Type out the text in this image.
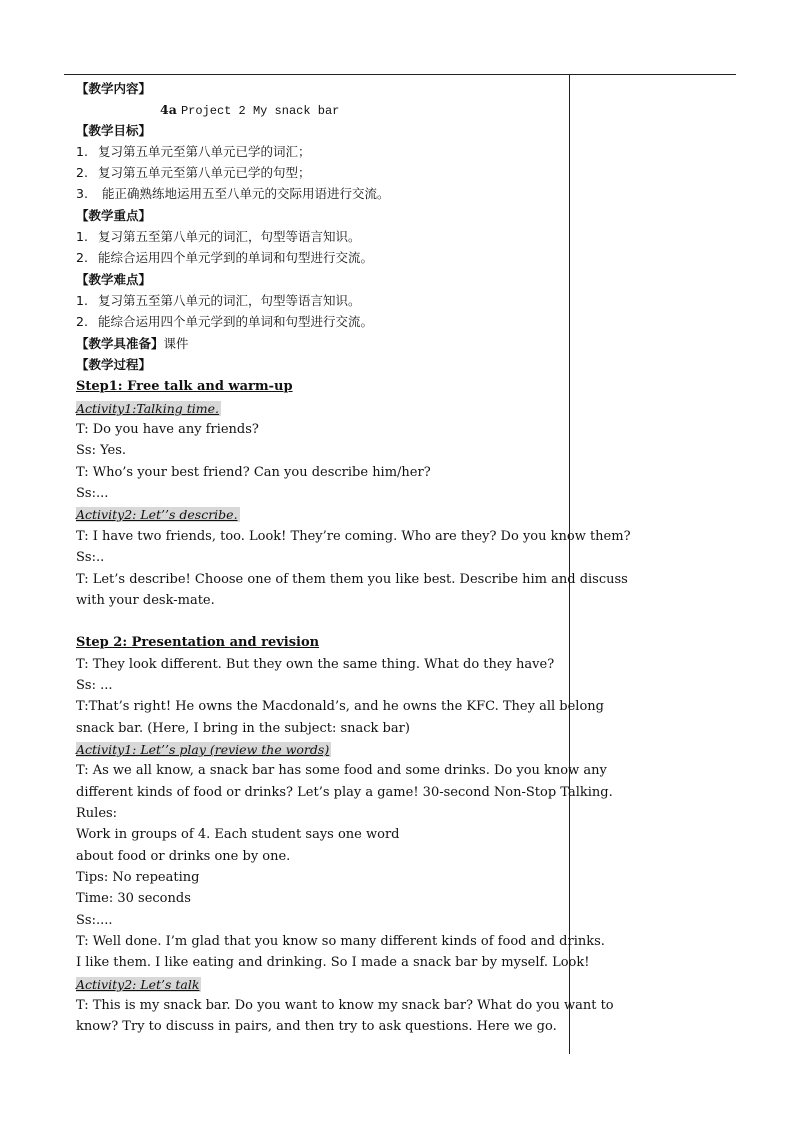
【教学内容】
4a Project 2 My snack bar
【教学目标】
1. 复习第五单元至第八单元已学的词汇；
2. 复习第五单元至第八单元已学的句型；
3. 能正确熟练地运用五至八单元的交际用语进行交流。
【教学重点】
1. 复习第五至第八单元的词汇，句型等语言知识。
2. 能综合运用四个单元学到的单词和句型进行交流。
【教学难点】
1. 复习第五至第八单元的词汇，句型等语言知识。
2. 能综合运用四个单元学到的单词和句型进行交流。
【教学具准备】课件
【教学过程】
Step1: Free talk and warm-up
Activity1:Talking time.
T: Do you have any friends?
Ss: Yes.
T: Who’s your best friend? Can you describe him/her?
Ss:...
Activity2: Let’’s describe.
T: I have two friends, too. Look! They’re coming. Who are they? Do you know them?
Ss:..
T: Let’s describe! Choose one of them them you like best. Describe him and discuss
with your desk-mate.
Step 2: Presentation and revision
T: They look different. But they own the same thing. What do they have?
Ss: ...
T:That’s right! He owns the Macdonald’s, and he owns the KFC. They all belong
snack bar. (Here, I bring in the subject: snack bar)
Activity1: Let’’s play (review the words)
T: As we all know, a snack bar has some food and some drinks. Do you know any
different kinds of food or drinks? Let’s play a game! 30-second Non-Stop Talking.
Rules:
Work in groups of 4. Each student says one word
about food or drinks one by one.
Tips: No repeating
Time: 30 seconds
Ss:....
T: Well done. I’m glad that you know so many different kinds of food and drinks.
I like them. I like eating and drinking. So I made a snack bar by myself. Look!
Activity2: Let’s talk
T: This is my snack bar. Do you want to know my snack bar? What do you want to
know? Try to discuss in pairs, and then try to ask questions. Here we go.
